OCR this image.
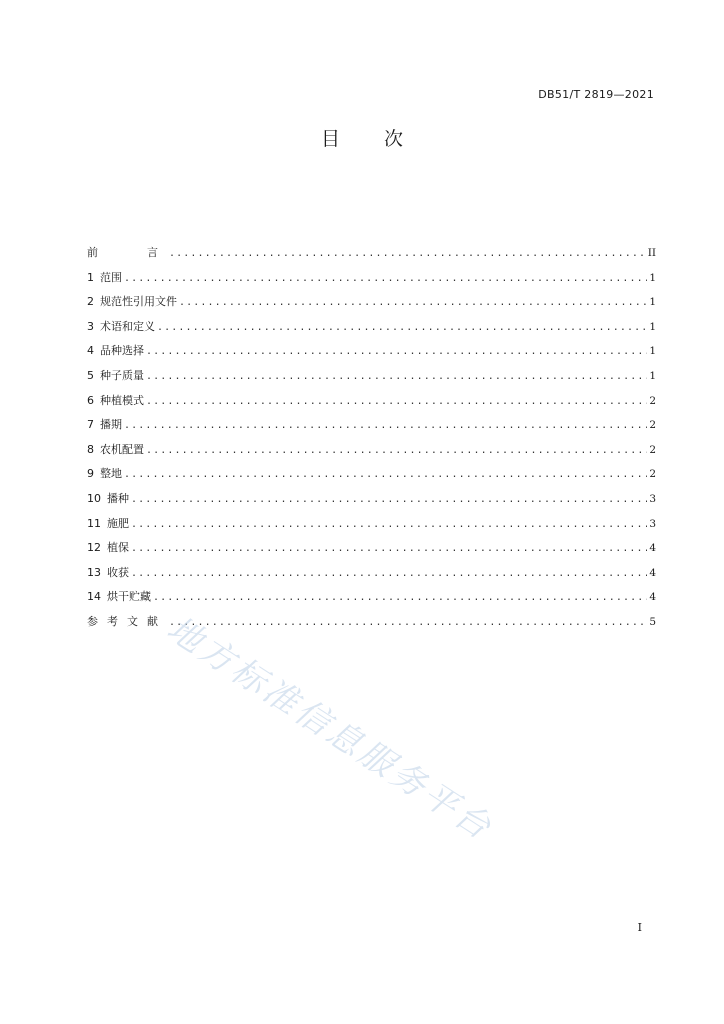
DB51/T 2819—2021
目 次
前　　言 .....	II
1 范围 .....	1
2 规范性引用文件 .....	1
3 术语和定义 .....	1
4 品种选择 .....	1
5 种子质量 .....	1
6 种植模式 .....	2
7 播期 .....	2
8 农机配置 .....	2
9 整地 .....	2
10 播种 .....	3
11 施肥 .....	3
12 植保 .....	4
13 收获 .....	4
14 烘干贮藏 .....	4
参考文献 .....	5
地方标准信息服务平台
I
